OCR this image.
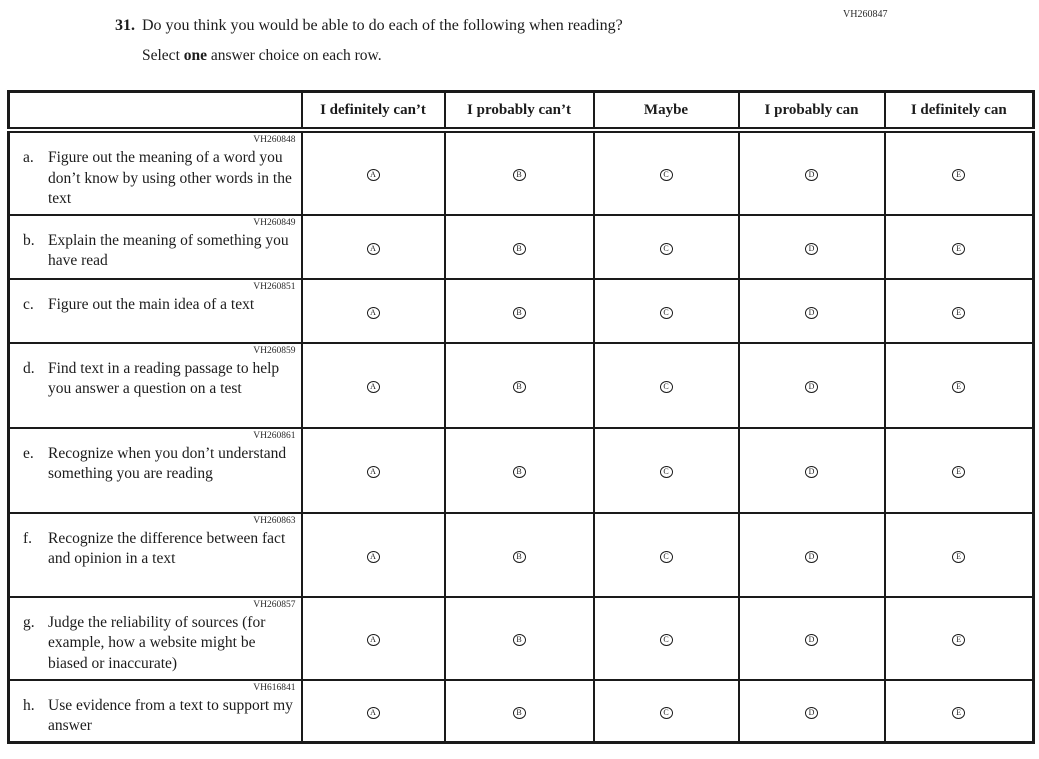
VH260847
31. Do you think you would be able to do each of the following when reading?
Select one answer choice on each row.
	I definitely can’t	I probably can’t	Maybe	I probably can	I definitely can

VH260848
a. Figure out the meaning of a word you don’t know by using other words in the text	A	B	C	D	E

VH260849
b. Explain the meaning of something you have read	A	B	C	D	E

VH260851
c. Figure out the main idea of a text	A	B	C	D	E

VH260859
d. Find text in a reading passage to help you answer a question on a test	A	B	C	D	E

VH260861
e. Recognize when you don’t understand something you are reading	A	B	C	D	E

VH260863
f. Recognize the difference between fact and opinion in a text	A	B	C	D	E

VH260857
g. Judge the reliability of sources (for example, how a website might be biased or inaccurate)	A	B	C	D	E

VH616841
h. Use evidence from a text to support my answer	A	B	C	D	E
